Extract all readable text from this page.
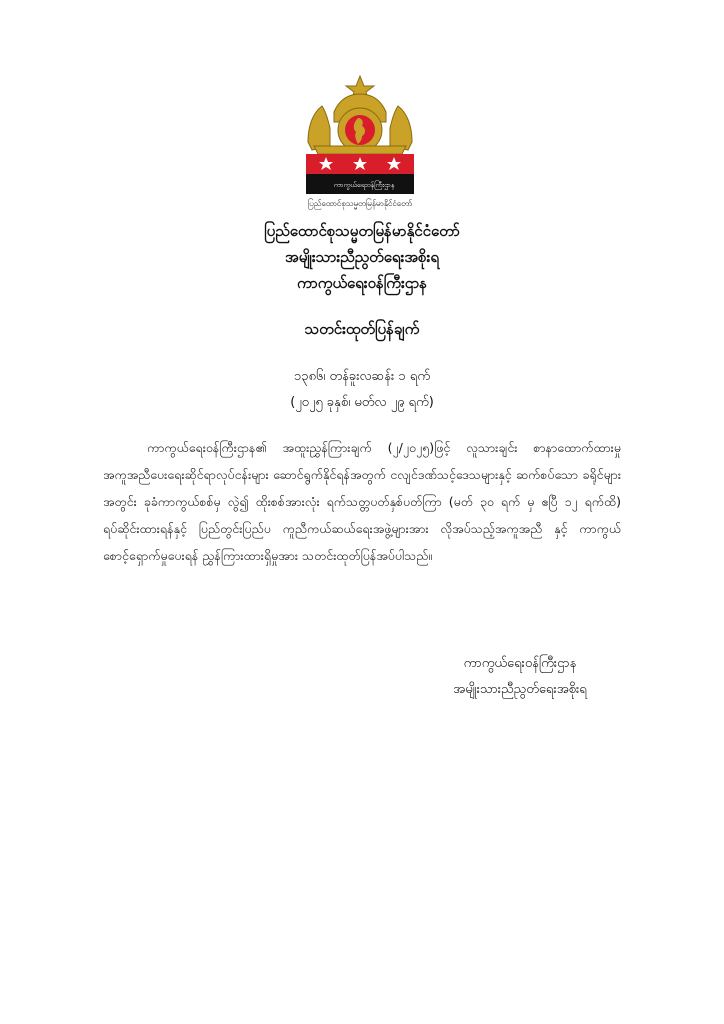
ကာကွယ်ရေးဝန်ကြီးဌာန
ပြည်ထောင်စုသမ္မတမြန်မာနိုင်ငံတော်
ပြည်ထောင်စုသမ္မတမြန်မာနိုင်ငံတော်
အမျိုးသားညီညွတ်ရေးအစိုးရ
ကာကွယ်ရေးဝန်ကြီးဌာန
သတင်းထုတ်ပြန်ချက်
၁၃၈၆၊ တန်ခူးလဆန်း ၁ ရက်
(၂၀၂၅ ခုနှစ်၊ မတ်လ ၂၉ ရက်)
ကာကွယ်ရေးဝန်ကြီးဌာန၏ အထူးညွှန်ကြားချက် (၂/၂၀၂၅)ဖြင့် လူသားချင်း စာနာထောက်ထားမှု အကူအညီပေးရေးဆိုင်ရာလုပ်ငန်းများ ဆောင်ရွက်နိုင်ရန်အတွက် ငလျင်ဒဏ်သင့်ဒေသများနှင့် ဆက်စပ်သော ခရိုင်များအတွင်း ခုခံကာကွယ်စစ်မှ လွဲ၍ ထိုးစစ်အားလုံး ရက်သတ္တပတ်နှစ်ပတ်ကြာ (မတ် ၃၀ ရက် မှ ဧပြီ ၁၂ ရက်ထိ) ရပ်ဆိုင်းထားရန်နှင့် ပြည်တွင်းပြည်ပ ကူညီကယ်ဆယ်ရေးအဖွဲ့များအား လိုအပ်သည့်အကူအညီ နှင့် ကာကွယ်စောင့်ရှောက်မှုပေးရန် ညွှန်ကြားထားရှိမှုအား သတင်းထုတ်ပြန်အပ်ပါသည်။
ကာကွယ်ရေးဝန်ကြီးဌာန
အမျိုးသားညီညွတ်ရေးအစိုးရ
